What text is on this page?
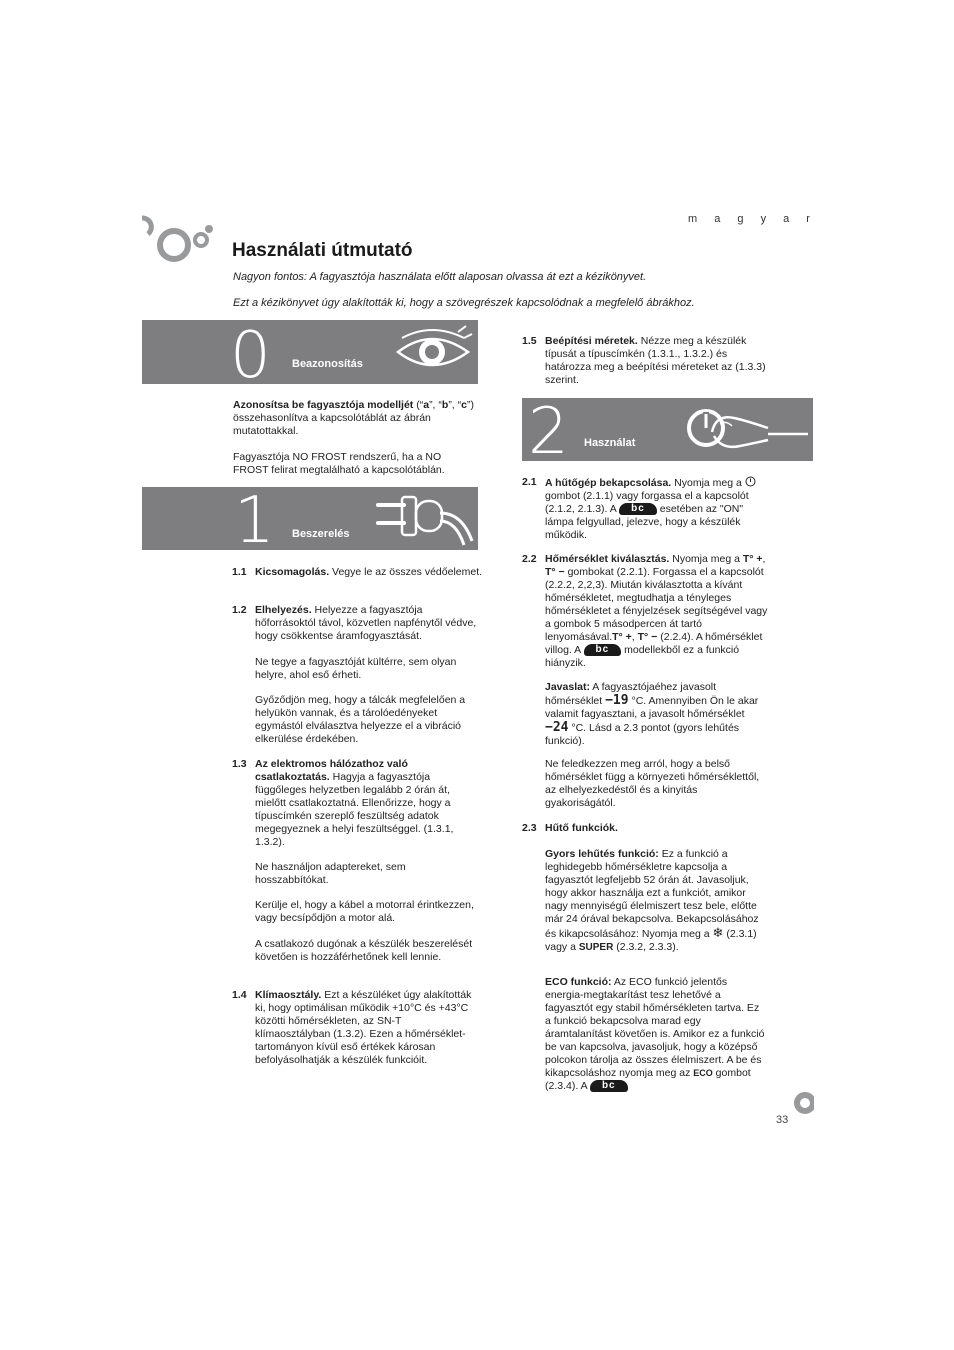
m a g y a r
Használati útmutató
Nagyon fontos: A fagyasztója használata előtt alaposan olvassa át ezt a kézikönyvet.
Ezt a kézikönyvet úgy alakították ki, hogy a szövegrészek kapcsolódnak a megfelelő ábrákhoz.
0 Beazonosítás
Azonosítsa be fagyasztója modelljét (“a”, “b”, “c”) összehasonlítva a kapcsolótáblát az ábrán mutatottakkal.
Fagyasztója NO FROST rendszerű, ha a NO FROST felirat megtalálható a kapcsolótáblán.
1 Beszerelés
1.1 Kicsomagolás. Vegye le az összes védőelemet.
1.2 Elhelyezés. Helyezze a fagyasztója hőforrásoktól távol, közvetlen napfénytől védve, hogy csökkentse áramfogyasztását.
Ne tegye a fagyasztóját kültérre, sem olyan helyre, ahol eső érheti.
Győződjön meg, hogy a tálcák megfelelően a helyükön vannak, és a tárolóedényeket egymástól elválasztva helyezze el a vibráció elkerülése érdekében.
1.3 Az elektromos hálózathoz való csatlakoztatás. Hagyja a fagyasztója függőleges helyzetben legalább 2 órán át, mielőtt csatlakoztatná. Ellenőrizze, hogy a típuscímkén szereplő feszültség adatok megegyeznek a helyi feszültséggel. (1.3.1, 1.3.2).
Ne használjon adaptereket, sem hosszabbítókat.
Kerülje el, hogy a kábel a motorral érintkezzen, vagy becsípődjön a motor alá.
A csatlakozó dugónak a készülék beszerelését követően is hozzáférhetőnek kell lennie.
1.4 Klímaosztály. Ezt a készüléket úgy alakították ki, hogy optimálisan működik +10°C és +43°C közötti hőmérsékleten, az SN-T klímaosztályban (1.3.2). Ezen a hőmérséklet-tartományon kívül eső értékek károsan befolyásolhatják a készülék funkcióit.
1.5 Beépítési méretek. Nézze meg a készülék típusát a típuscímkén (1.3.1., 1.3.2.) és határozza meg a beépítési méreteket az (1.3.3) szerint.
2 Használat
2.1 A hűtőgép bekapcsolása. Nyomja meg a  gombot (2.1.1) vagy forgassa el a kapcsolót (2.1.2, 2.1.3). A bc esetében az "ON" lámpa felgyullad, jelezve, hogy a készülék működik.
2.2 Hőmérséklet kiválasztás. Nyomja meg a T° +, T° − gombokat (2.2.1). Forgassa el a kapcsolót (2.2.2, 2,2,3). Miután kiválasztotta a kívánt hőmérsékletet, megtudhatja a tényleges hőmérsékletet a fényjelzések segítségével vagy a gombok 5 másodpercen át tartó lenyomásával.T° +, T° − (2.2.4). A hőmérséklet villog. A bc modellekből ez a funkció hiányzik.
Javaslat: A fagyasztójaéhez javasolt hőmérséklet −19 °C. Amennyiben Ön le akar valamit fagyasztani, a javasolt hőmérséklet −24 °C. Lásd a 2.3 pontot (gyors lehűtés funkció).
Ne feledkezzen meg arról, hogy a belső hőmérséklet függ a környezeti hőmérséklettől, az elhelyezkedéstől és a kinyitás gyakoriságától.
2.3 Hűtő funkciók.
Gyors lehűtés funkció: Ez a funkció a leghidegebb hőmérsékletre kapcsolja a fagyasztót legfeljebb 52 órán át. Javasoljuk, hogy akkor használja ezt a funkciót, amikor nagy mennyiségű élelmiszert tesz bele, előtte már 24 órával bekapcsolva. Bekapcsolásához és kikapcsolásához: Nyomja meg a ❄ (2.3.1) vagy a SUPER (2.3.2, 2.3.3).
ECO funkció: Az ECO funkció jelentős energia-megtakarítást tesz lehetővé a fagyasztót egy stabil hőmérsékleten tartva. Ez a funkció bekapcsolva marad egy áramtalanítást követően is. Amikor ez a funkció be van kapcsolva, javasoljuk, hogy a középső polcokon tárolja az összes élelmiszert. A be és kikapcsoláshoz nyomja meg az ECO gombot (2.3.4). A bc
33
